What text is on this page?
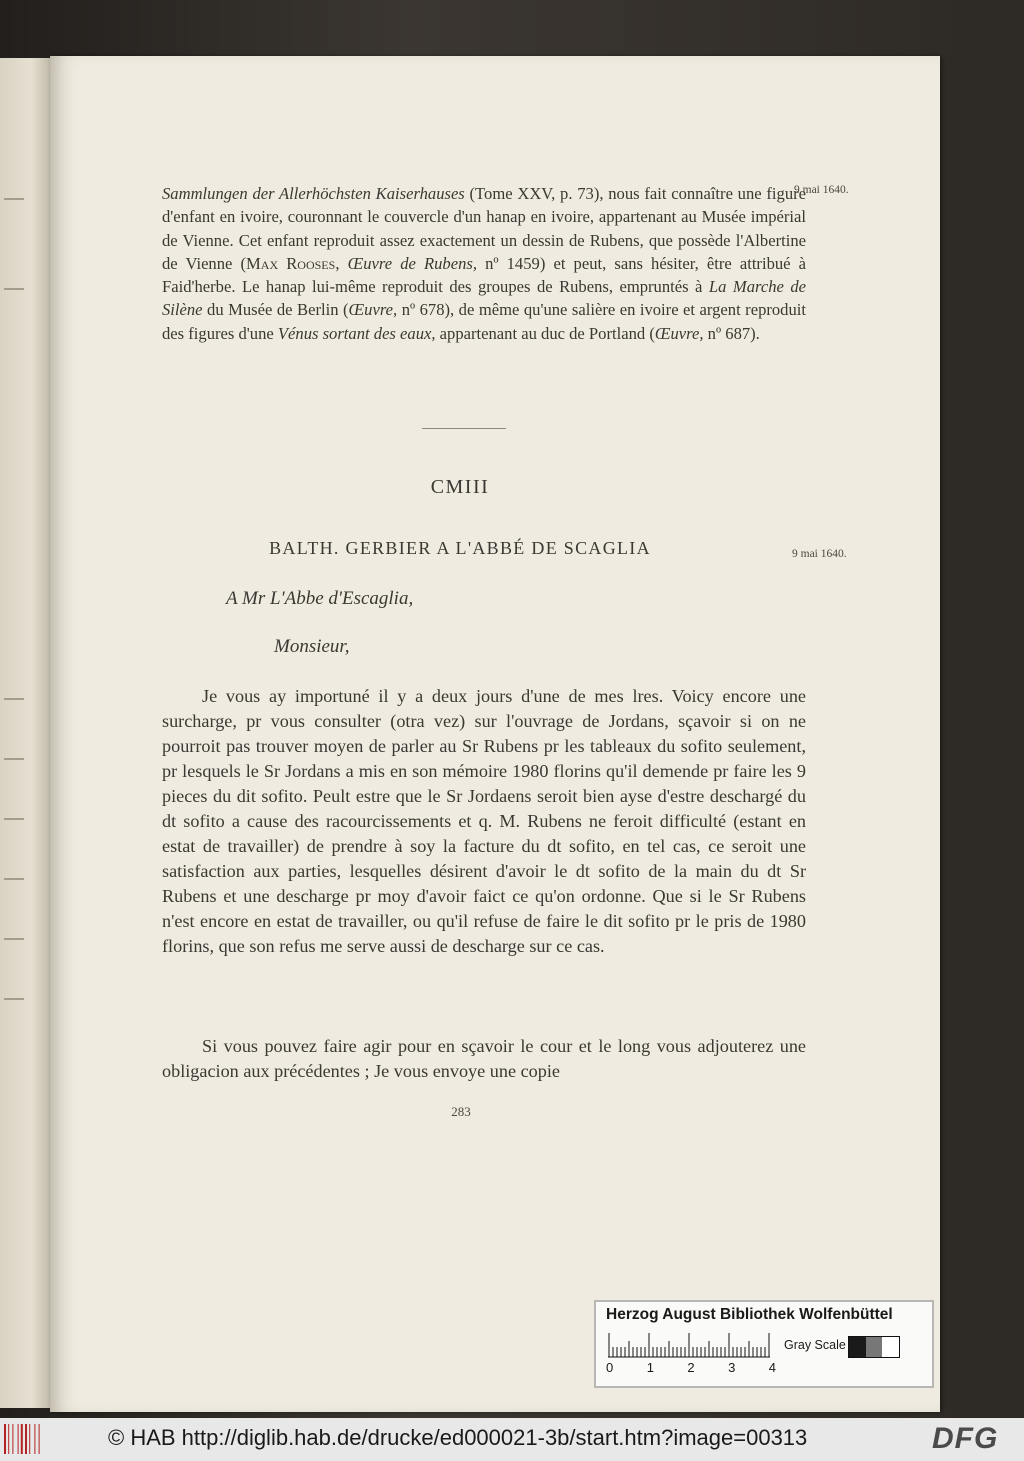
Sammlungen der Allerhöchsten Kaiserhauses (Tome XXV, p. 73), nous fait connaître une figure d'enfant en ivoire, couronnant le couvercle d'un hanap en ivoire, appartenant au Musée impérial de Vienne. Cet enfant reproduit assez exactement un dessin de Rubens, que possède l'Albertine de Vienne (Max Rooses, Œuvre de Rubens, nº 1459) et peut, sans hésiter, être attribué à Faid'herbe. Le hanap lui-même reproduit des groupes de Rubens, empruntés à La Marche de Silène du Musée de Berlin (Œuvre, nº 678), de même qu'une salière en ivoire et argent reproduit des figures d'une Vénus sortant des eaux, appartenant au duc de Portland (Œuvre, nº 687).

9 mai 1640.
CMIII
BALTH. GERBIER A L'ABBÉ DE SCAGLIA	9 mai 1640.
A Mr L'Abbe d'Escaglia,
Monsieur,

Je vous ay importuné il y a deux jours d'une de mes lres. Voicy encore une surcharge, pr vous consulter (otra vez) sur l'ouvrage de Jordans, sçavoir si on ne pourroit pas trouver moyen de parler au Sr Rubens pr les tableaux du sofito seulement, pr lesquels le Sr Jordans a mis en son mémoire 1980 florins qu'il demende pr faire les 9 pieces du dit sofito. Peult estre que le Sr Jordaens seroit bien ayse d'estre deschargé du dt sofito a cause des racourcissements et q. M. Rubens ne feroit difficulté (estant en estat de travailler) de prendre à soy la facture du dt sofito, en tel cas, ce seroit une satisfaction aux parties, lesquelles désirent d'avoir le dt sofito de la main du dt Sr Rubens et une descharge pr moy d'avoir faict ce qu'on ordonne. Que si le Sr Rubens n'est encore en estat de travailler, ou qu'il refuse de faire le dit sofito pr le pris de 1980 florins, que son refus me serve aussi de descharge sur ce cas.

Si vous pouvez faire agir pour en sçavoir le cour et le long vous adjouterez une obligacion aux précédentes ; Je vous envoye une copie

283
Herzog August Bibliothek Wolfenbüttel
Gray Scale
0	1	2	3	4
© HAB http://diglib.hab.de/drucke/ed000021-3b/start.htm?image=00313	DFG
